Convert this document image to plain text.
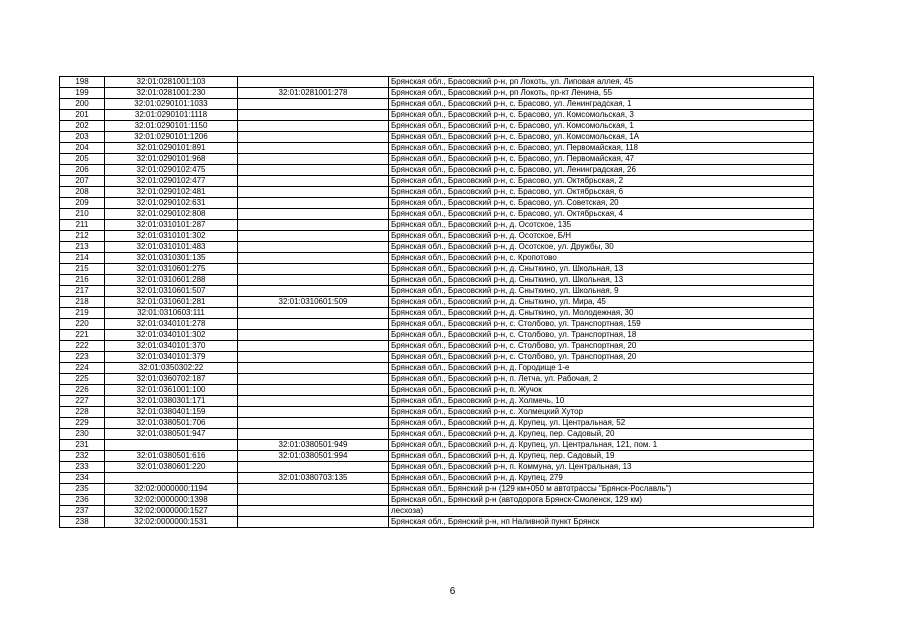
198	32:01:0281001:103		Брянская обл., Брасовский р-н, рп Локоть, ул. Липовая аллея, 45
199	32:01:0281001:230	32:01:0281001:278	Брянская обл., Брасовский р-н, рп Локоть, пр-кт Ленина, 55
200	32:01:0290101:1033		Брянская обл., Брасовский р-н, с. Брасово, ул. Ленинградская, 1
201	32:01:0290101:1118		Брянская обл., Брасовский р-н, с. Брасово, ул. Комсомольская, 3
202	32:01:0290101:1150		Брянская обл., Брасовский р-н, с. Брасово, ул. Комсомольская, 1
203	32:01:0290101:1206		Брянская обл., Брасовский р-н, с. Брасово, ул. Комсомольская, 1А
204	32:01:0290101:891		Брянская обл., Брасовский р-н, с. Брасово, ул. Первомайская, 118
205	32:01:0290101:968		Брянская обл., Брасовский р-н, с. Брасово, ул. Первомайская, 47
206	32:01:0290102:475		Брянская обл., Брасовский р-н, с. Брасово, ул. Ленинградская, 26
207	32:01:0290102:477		Брянская обл., Брасовский р-н, с. Брасово, ул. Октябрьская, 2
208	32:01:0290102:481		Брянская обл., Брасовский р-н, с. Брасово, ул. Октябрьская, 6
209	32:01:0290102:631		Брянская обл., Брасовский р-н, с. Брасово, ул. Советская, 20
210	32:01:0290102:808		Брянская обл., Брасовский р-н, с. Брасово, ул. Октябрьская, 4
211	32:01:0310101:287		Брянская обл., Брасовский р-н, д. Осотское, 135
212	32:01:0310101:302		Брянская обл., Брасовский р-н, д. Осотское, Б/Н
213	32:01:0310101:483		Брянская обл., Брасовский р-н, д. Осотское, ул. Дружбы, 30
214	32:01:0310301:135		Брянская обл., Брасовский р-н, с. Кропотово
215	32:01:0310601:275		Брянская обл., Брасовский р-н, д. Сныткино, ул. Школьная, 13
216	32:01:0310601:288		Брянская обл., Брасовский р-н, д. Сныткино, ул. Школьная, 13
217	32:01:0310601:507		Брянская обл., Брасовский р-н, д. Сныткино, ул. Школьная, 9
218	32:01:0310601:281	32:01:0310601:509	Брянская обл., Брасовский р-н, д. Сныткино, ул. Мира, 45
219	32:01:0310603:111		Брянская обл., Брасовский р-н, д. Сныткино, ул. Молодежная, 30
220	32:01:0340101:278		Брянская обл., Брасовский р-н, с. Столбово, ул. Транспортная, 159
221	32:01:0340101:302		Брянская обл., Брасовский р-н, с. Столбово, ул. Транспортная, 18
222	32:01:0340101:370		Брянская обл., Брасовский р-н, с. Столбово, ул. Транспортная, 20
223	32:01:0340101:379		Брянская обл., Брасовский р-н, с. Столбово, ул. Транспортная, 20
224	32:01:0350302:22		Брянская обл., Брасовский р-н, д. Городище 1-е
225	32:01:0360702:187		Брянская обл., Брасовский р-н, п. Летча, ул. Рабочая, 2
226	32:01:0361001:100		Брянская обл., Брасовский р-н, п. Жучок
227	32:01:0380301:171		Брянская обл., Брасовский р-н, д. Холмечь, 10
228	32:01:0380401:159		Брянская обл., Брасовский р-н, с. Холмецкий Хутор
229	32:01:0380501:706		Брянская обл., Брасовский р-н, д. Крупец, ул. Центральная, 52
230	32:01:0380501:947		Брянская обл., Брасовский р-н, д. Крупец, пер. Садовый, 20
231		32:01:0380501:949	Брянская обл., Брасовский р-н, д. Крупец, ул. Центральная, 121, пом. 1
232	32:01:0380501:616	32:01:0380501:994	Брянская обл., Брасовский р-н, д. Крупец, пер. Садовый, 19
233	32:01:0380601:220		Брянская обл., Брасовский р-н, п. Коммуна, ул. Центральная, 13
234		32:01:0380703:135	Брянская обл., Брасовский р-н, д. Крупец, 279
235	32:02:0000000:1194		Брянская обл., Брянский р-н (129 км+050 м автотрассы "Брянск-Рославль")
236	32:02:0000000:1398		Брянская обл., Брянский р-н (автодорога Брянск-Смоленск, 129 км)
237	32:02:0000000:1527		лесхоза)
238	32:02:0000000:1531		Брянская обл., Брянский р-н, нп Наливной пункт Брянск
6
